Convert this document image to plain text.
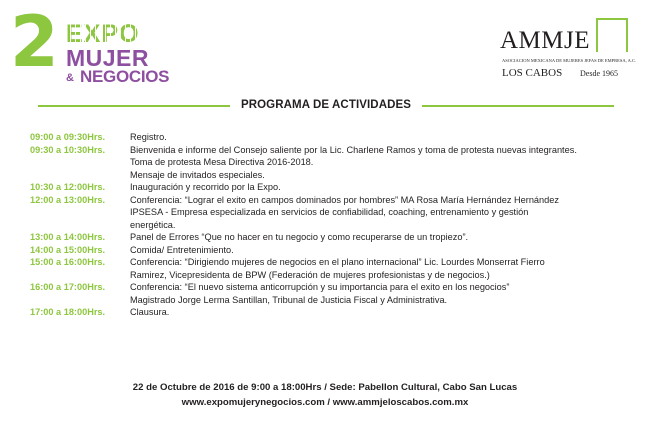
2 EXPO
MUJER
& NEGOCIOS
AMMJE
ASOCIACION MEXICANA DE MUJERES JEFAS DE EMPRESA, A.C.
LOS CABOS Desde 1965
PROGRAMA DE ACTIVIDADES
09:00 a 09:30Hrs.	Registro.
09:30 a 10:30Hrs.	Bienvenida e informe del Consejo saliente por la Lic. Charlene Ramos y toma de protesta nuevas integrantes.
Toma de protesta Mesa Directiva 2016-2018.
Mensaje de invitados especiales.
10:30 a 12:00Hrs.	Inauguración y recorrido por la Expo.
12:00 a 13:00Hrs.	Conferencia: “Lograr el exito en campos dominados por hombres” MA Rosa María Hernández Hernández
IPSESA - Empresa especializada en servicios de confiabilidad, coaching, entrenamiento y gestión
energética.
13:00 a 14:00Hrs.	Panel de Errores “Que no hacer en tu negocio y como recuperarse de un tropiezo”.
14:00 a 15:00Hrs.	Comida/ Entretenimiento.
15:00 a 16:00Hrs.	Conferencia: “Dirigiendo mujeres de negocios en el plano internacional” Lic. Lourdes Monserrat Fierro
Ramirez, Vicepresidenta de BPW (Federación de mujeres profesionistas y de negocios.)
16:00 a 17:00Hrs.	Conferencia: “El nuevo sistema anticorrupción y su importancia para el exito en los negocios”
Magistrado Jorge Lerma Santillan, Tribunal de Justicia Fiscal y Administrativa.
17:00 a 18:00Hrs.	Clausura.
22 de Octubre de 2016 de 9:00 a 18:00Hrs / Sede: Pabellon Cultural, Cabo San Lucas
www.expomujerynegocios.com / www.ammjeloscabos.com.mx
